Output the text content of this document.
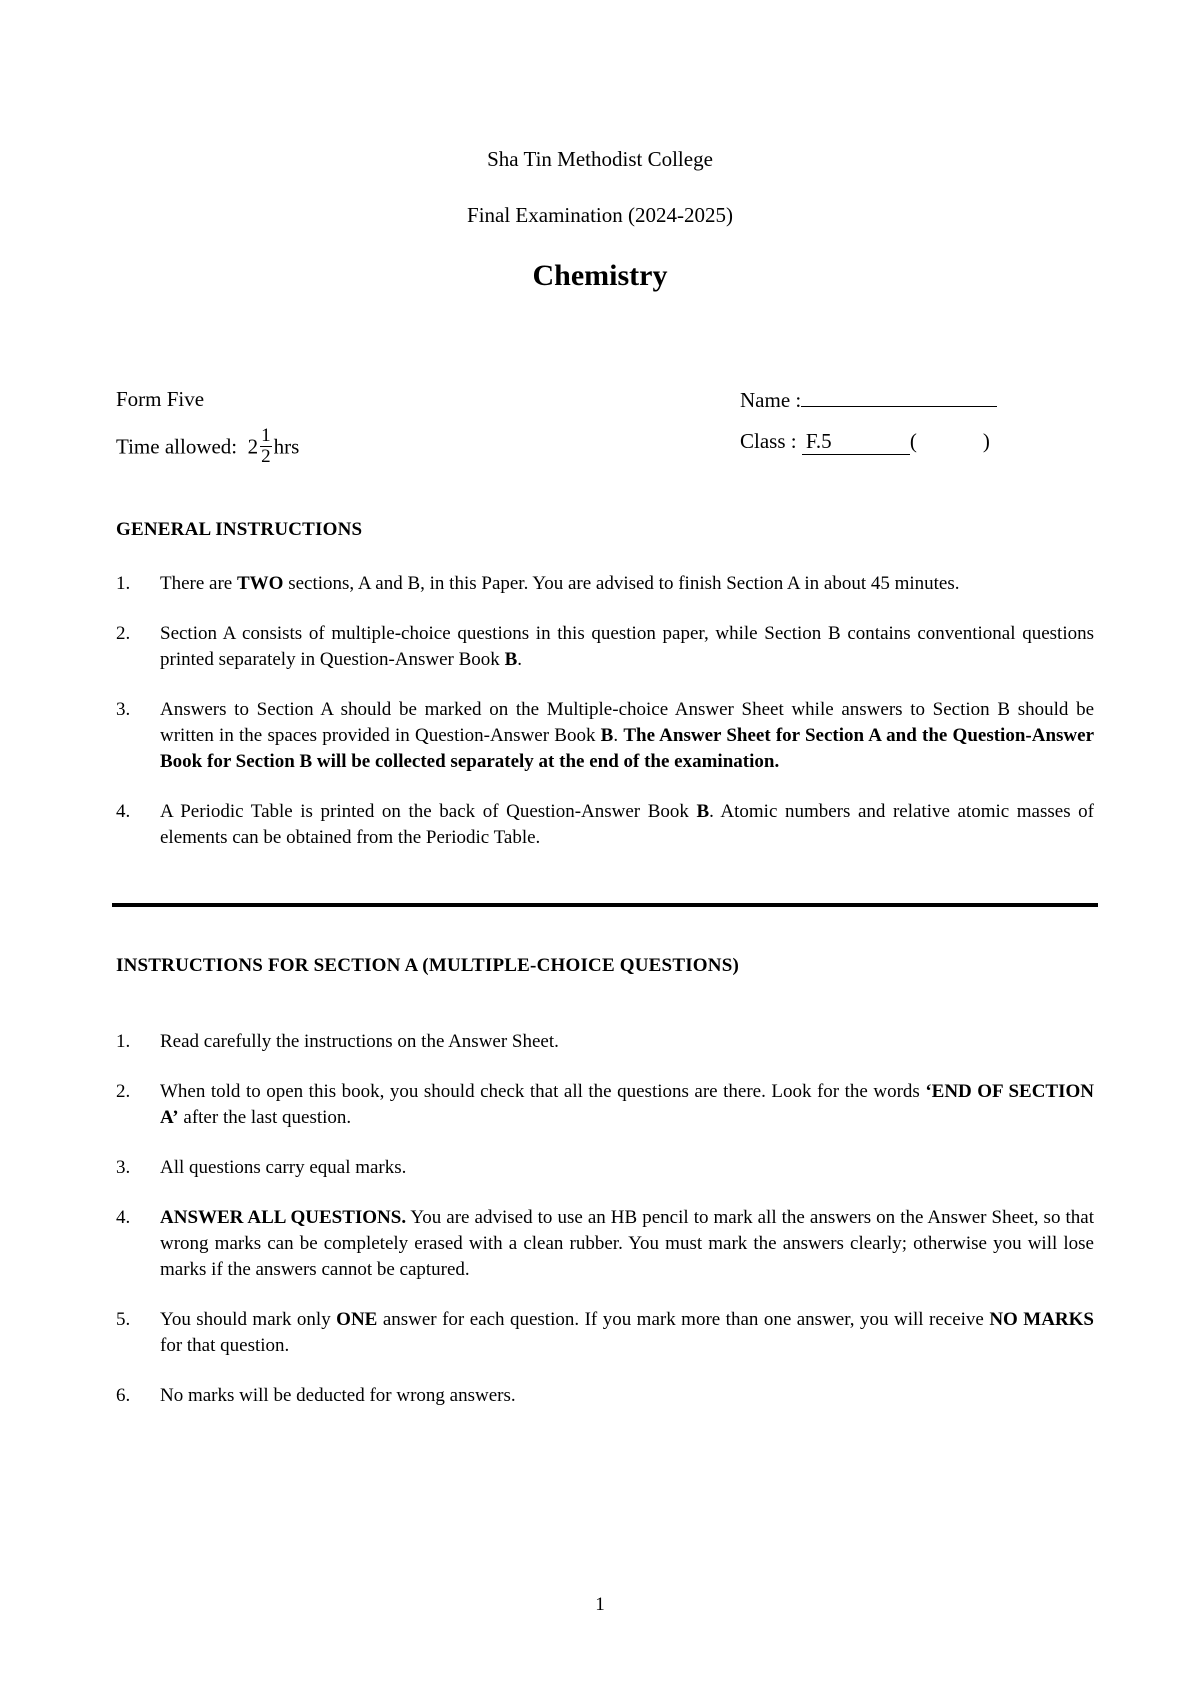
Sha Tin Methodist College
Final Examination (2024-2025)
Chemistry
Form Five	Name :
Time allowed: $2 \frac{1}{2}$ hrs	Class : F.5	(	)
GENERAL INSTRUCTIONS
1. There are TWO sections, A and B, in this Paper. You are advised to finish Section A in about 45 minutes.
2. Section A consists of multiple-choice questions in this question paper, while Section B contains conventional questions printed separately in Question-Answer Book B.
3. Answers to Section A should be marked on the Multiple-choice Answer Sheet while answers to Section B should be written in the spaces provided in Question-Answer Book B. The Answer Sheet for Section A and the Question-Answer Book for Section B will be collected separately at the end of the examination.
4. A Periodic Table is printed on the back of Question-Answer Book B. Atomic numbers and relative atomic masses of elements can be obtained from the Periodic Table.
INSTRUCTIONS FOR SECTION A (MULTIPLE-CHOICE QUESTIONS)
1. Read carefully the instructions on the Answer Sheet.
2. When told to open this book, you should check that all the questions are there. Look for the words ‘END OF SECTION A’ after the last question.
3. All questions carry equal marks.
4. ANSWER ALL QUESTIONS. You are advised to use an HB pencil to mark all the answers on the Answer Sheet, so that wrong marks can be completely erased with a clean rubber. You must mark the answers clearly; otherwise you will lose marks if the answers cannot be captured.
5. You should mark only ONE answer for each question. If you mark more than one answer, you will receive NO MARKS for that question.
6. No marks will be deducted for wrong answers.
1
